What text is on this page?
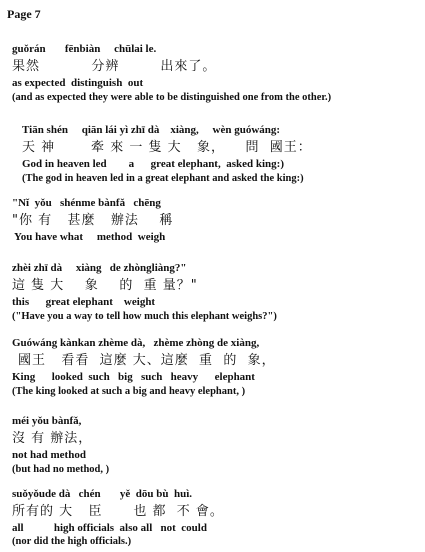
Page 7
guǒrán       fēnbiàn     chūlai le.
果然          分辨        出來了。
as expected  distinguish  out
(and as expected they were able to be distinguished one from the other.)
Tiān shén     qiān lái yì zhī dà    xiàng,     wèn guówáng:
天 神       牽 來 一 隻 大   象，    問  國王：
God in heaven led        a      great elephant,  asked king:)
(The god in heaven led in a great elephant and asked the king:)
"Nǐ  yǒu   shénme bànfǎ   chēng
"你 有   甚麼   辦法    稱
You have what     method  weigh
zhèi zhī dà     xiàng   de zhòngliàng?"
這 隻 大    象    的  重 量？"
this      great elephant    weight
("Have you a way to tell how much this elephant weighs?")
Guówáng kànkan zhème dà,   zhème zhòng de xiàng,
國王   看看  這麼 大、這麼  重  的  象，
King      looked  such   big   such   heavy      elephant
(The king looked at such a big and heavy elephant, )
méi yǒu bànfǎ,
沒 有 辦法，
not had method
(but had no method, )
suǒyǒude dà   chén       yě  dōu bù  huì.
所有的 大   臣      也 都  不 會。
all           high officials  also all   not  could
(nor did the high officials.)
